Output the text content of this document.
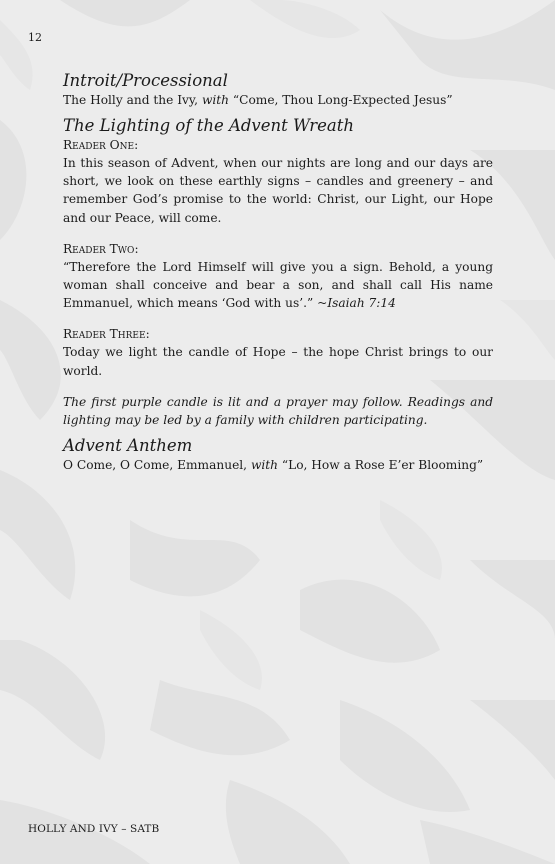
12
Introit/Processional

The Holly and the Ivy, with “Come, Thou Long-Expected Jesus”

The Lighting of the Advent Wreath
Reader One:

In this season of Advent, when our nights are long and our days are short, we look on these earthly signs – candles and greenery – and remember God’s promise to the world: Christ, our Light, our Hope and our Peace, will come.

Reader Two:

“Therefore the Lord Himself will give you a sign. Behold, a young woman shall conceive and bear a son, and shall call His name Emmanuel, which means ‘God with us’.” ~Isaiah 7:14

Reader Three:

Today we light the candle of Hope – the hope Christ brings to our world.

The first purple candle is lit and a prayer may follow. Readings and lighting may be led by a family with children participating.

Advent Anthem

O Come, O Come, Emmanuel, with “Lo, How a Rose E’er Blooming”

HOLLY AND IVY – SATB
